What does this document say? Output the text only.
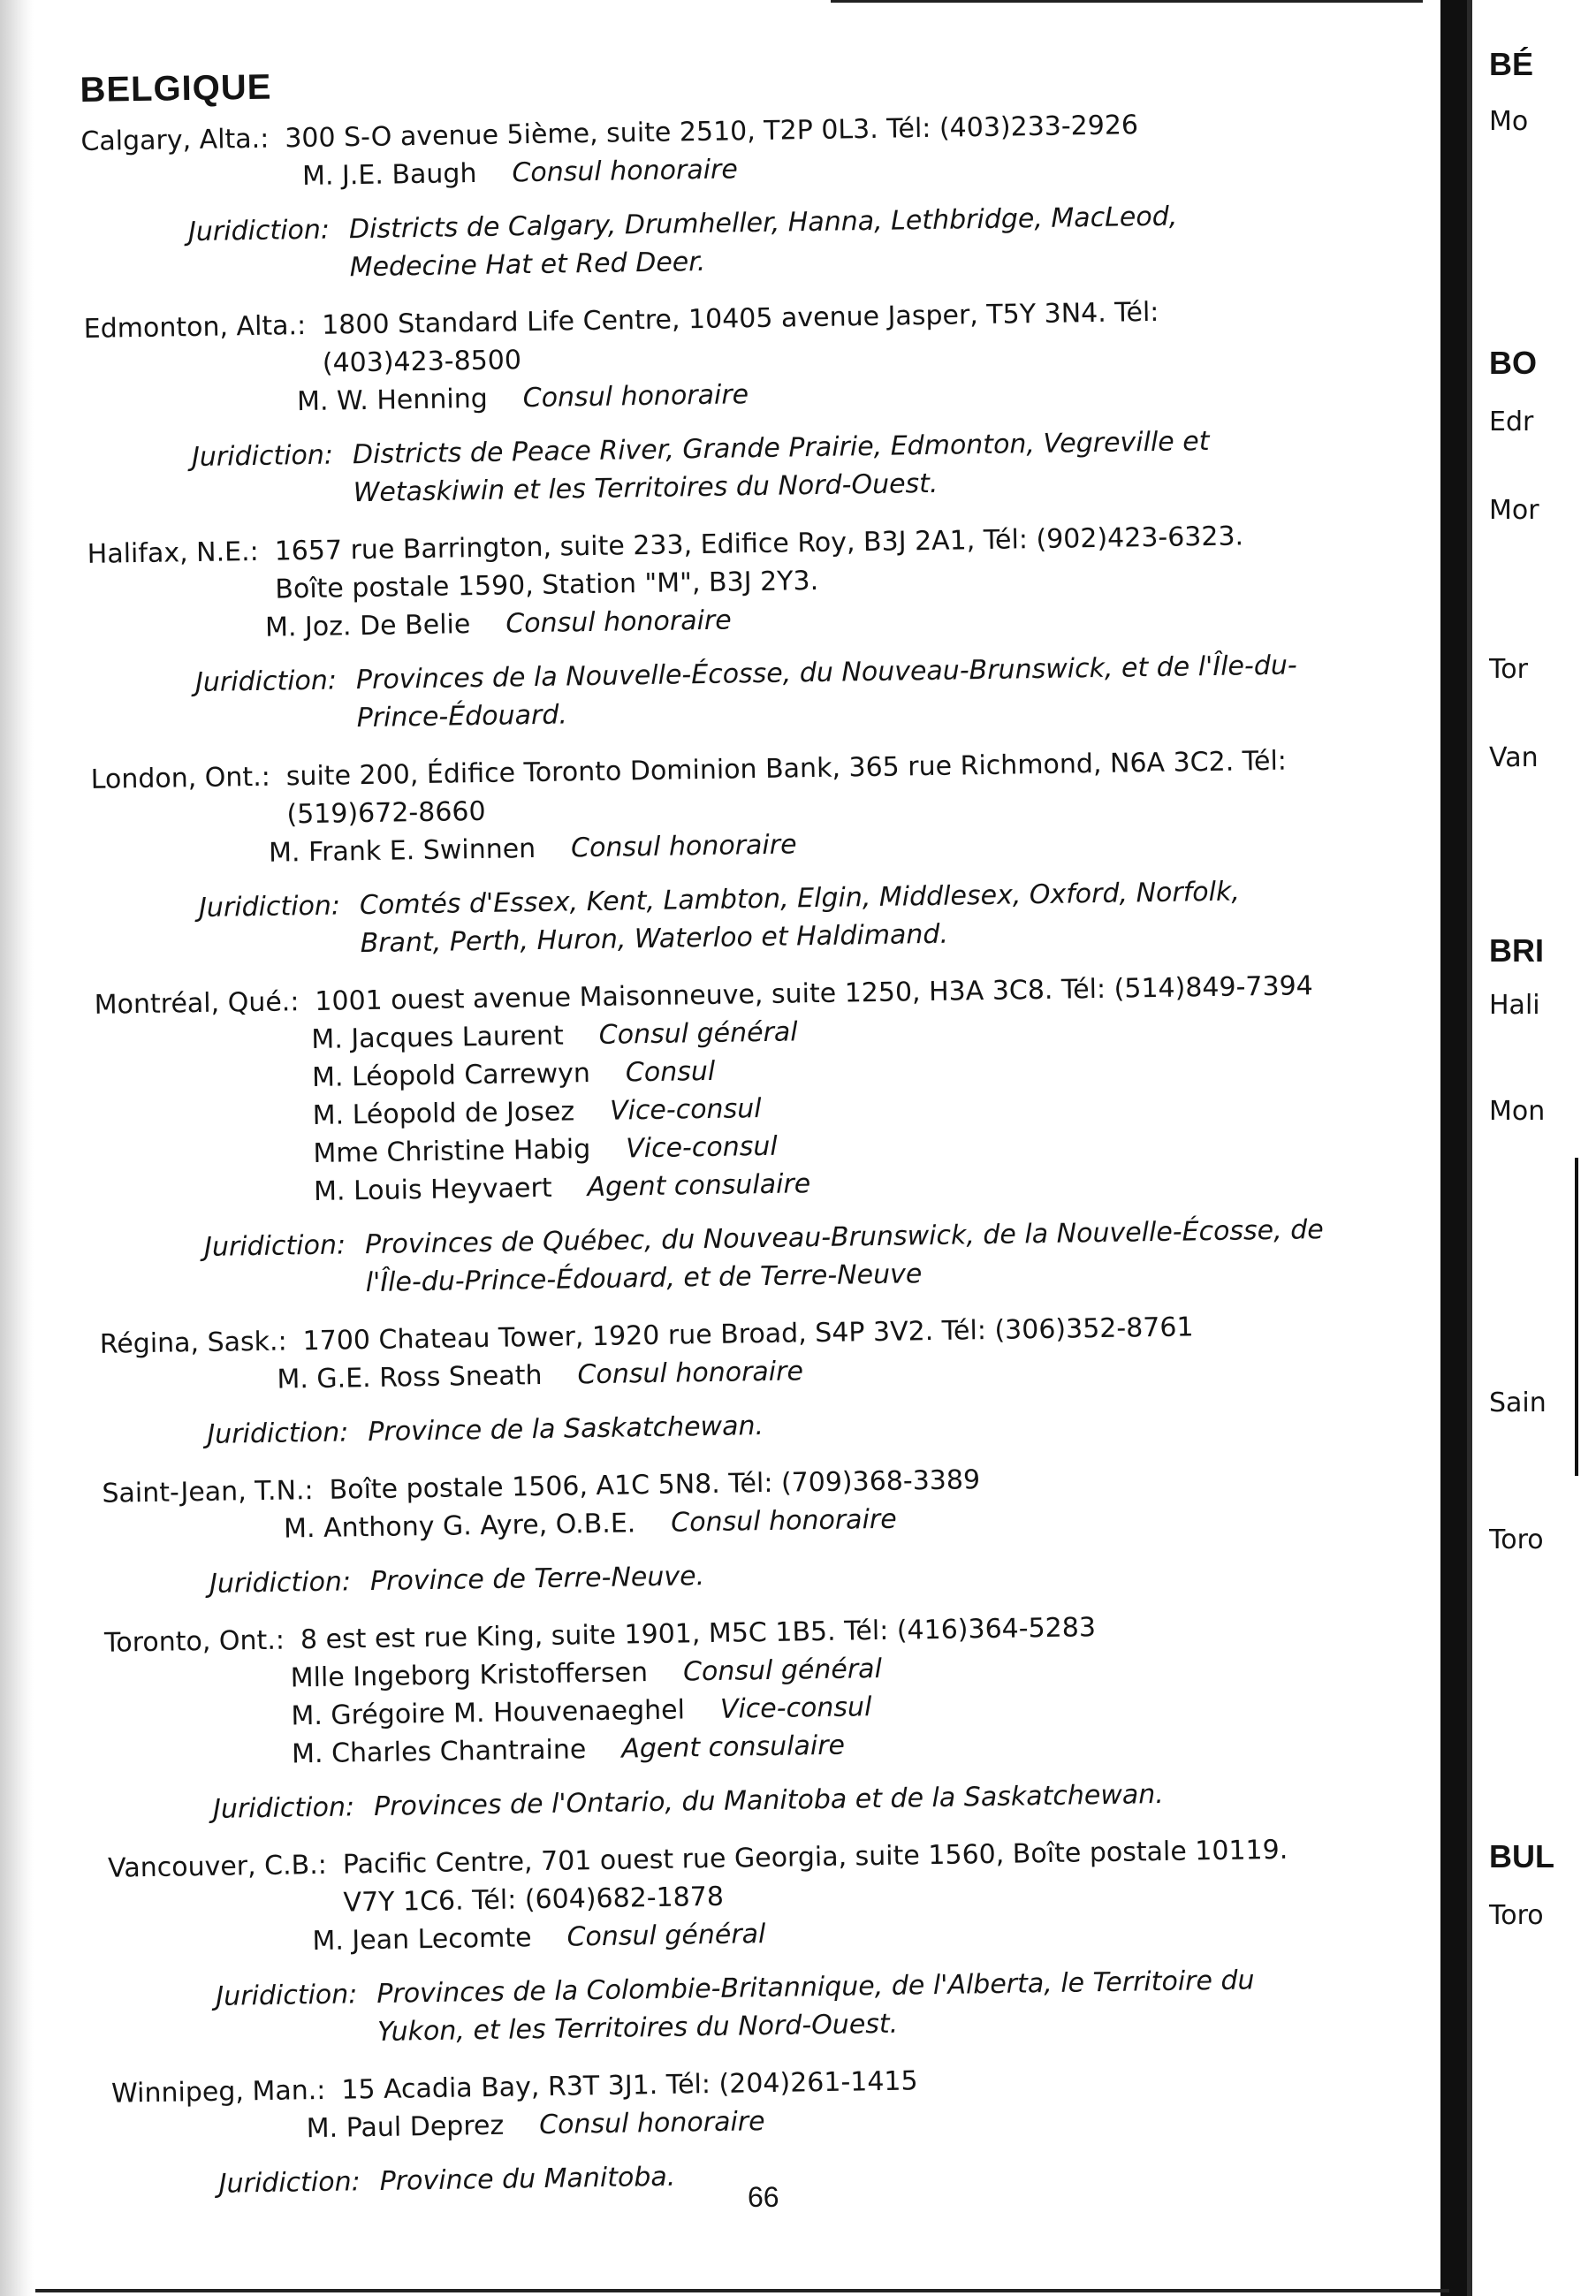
BELGIQUE
Calgary, Alta.: 300 S-O avenue 5ième, suite 2510, T2P 0L3. Tél: (403)233-2926
M. J.E. Baugh	Consul honoraire
Juridiction: Districts de Calgary, Drumheller, Hanna, Lethbridge, MacLeod,
Medecine Hat et Red Deer.
Edmonton, Alta.: 1800 Standard Life Centre, 10405 avenue Jasper, T5Y 3N4. Tél:
(403)423-8500
M. W. Henning	Consul honoraire
Juridiction: Districts de Peace River, Grande Prairie, Edmonton, Vegreville et
Wetaskiwin et les Territoires du Nord-Ouest.
Halifax, N.E.: 1657 rue Barrington, suite 233, Edifice Roy, B3J 2A1, Tél: (902)423-6323.
Boîte postale 1590, Station "M", B3J 2Y3.
M. Joz. De Belie	Consul honoraire
Juridiction: Provinces de la Nouvelle-Écosse, du Nouveau-Brunswick, et de l'Île-du-
Prince-Édouard.
London, Ont.: suite 200, Édifice Toronto Dominion Bank, 365 rue Richmond, N6A 3C2. Tél:
(519)672-8660
M. Frank E. Swinnen	Consul honoraire
Juridiction: Comtés d'Essex, Kent, Lambton, Elgin, Middlesex, Oxford, Norfolk,
Brant, Perth, Huron, Waterloo et Haldimand.
Montréal, Qué.: 1001 ouest avenue Maisonneuve, suite 1250, H3A 3C8. Tél: (514)849-7394
M. Jacques Laurent	Consul général
M. Léopold Carrewyn	Consul
M. Léopold de Josez	Vice-consul
Mme Christine Habig	Vice-consul
M. Louis Heyvaert	Agent consulaire
Juridiction: Provinces de Québec, du Nouveau-Brunswick, de la Nouvelle-Écosse, de
l'Île-du-Prince-Édouard, et de Terre-Neuve
Régina, Sask.: 1700 Chateau Tower, 1920 rue Broad, S4P 3V2. Tél: (306)352-8761
M. G.E. Ross Sneath	Consul honoraire
Juridiction: Province de la Saskatchewan.
Saint-Jean, T.N.: Boîte postale 1506, A1C 5N8. Tél: (709)368-3389
M. Anthony G. Ayre, O.B.E.	Consul honoraire
Juridiction: Province de Terre-Neuve.
Toronto, Ont.: 8 est est rue King, suite 1901, M5C 1B5. Tél: (416)364-5283
Mlle Ingeborg Kristoffersen	Consul général
M. Grégoire M. Houvenaeghel	Vice-consul
M. Charles Chantraine	Agent consulaire
Juridiction: Provinces de l'Ontario, du Manitoba et de la Saskatchewan.
Vancouver, C.B.: Pacific Centre, 701 ouest rue Georgia, suite 1560, Boîte postale 10119.
V7Y 1C6. Tél: (604)682-1878
M. Jean Lecomte	Consul général
Juridiction: Provinces de la Colombie-Britannique, de l'Alberta, le Territoire du
Yukon, et les Territoires du Nord-Ouest.
Winnipeg, Man.: 15 Acadia Bay, R3T 3J1. Tél: (204)261-1415
M. Paul Deprez	Consul honoraire
Juridiction: Province du Manitoba.
66
BÉ
Mo
BO
Edr
Mor
Tor
Van
BRI
Hali
Mon
Sain
Toro
BUL
Toro
